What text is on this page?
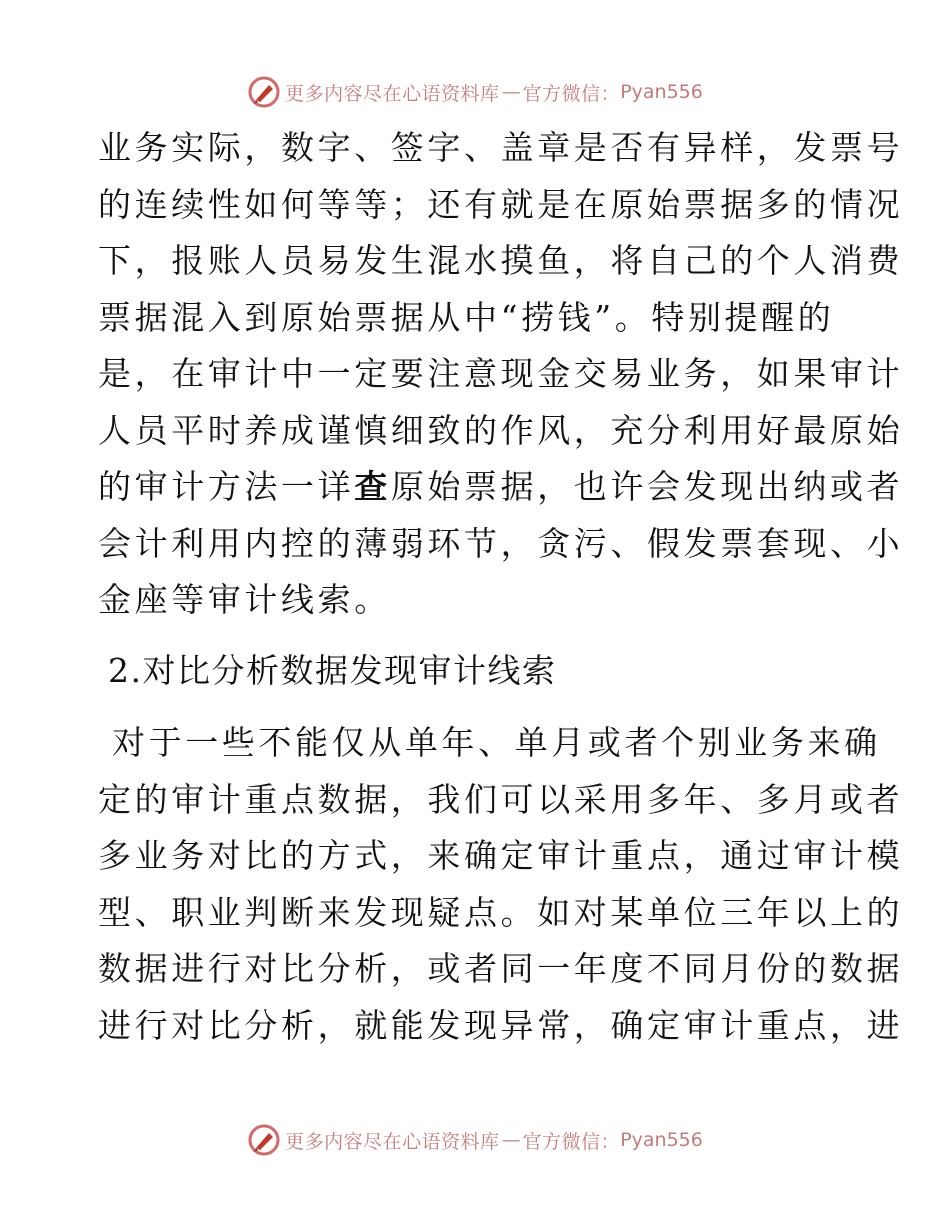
更多内容尽在心语资料库 — 官方微信： Pyan556
业务实际，数字、签字、盖章是否有异样，发票号
的连续性如何等等；还有就是在原始票据多的情况
下，报账人员易发生混水摸鱼，将自己的个人消费
票据混入到原始票据从中“捞钱”。特别提醒的
是，在审计中一定要注意现金交易业务，如果审计
人员平时养成谨慎细致的作风，充分利用好最原始
的审计方法一详查原始票据，也许会发现出纳或者
会计利用内控的薄弱环节，贪污、假发票套现、小
金座等审计线索。
2.对比分析数据发现审计线索
对于一些不能仅从单年、单月或者个别业务来确
定的审计重点数据，我们可以采用多年、多月或者
多业务对比的方式，来确定审计重点，通过审计模
型、职业判断来发现疑点。如对某单位三年以上的
数据进行对比分析，或者同一年度不同月份的数据
进行对比分析，就能发现异常，确定审计重点，进
更多内容尽在心语资料库 — 官方微信： Pyan556
